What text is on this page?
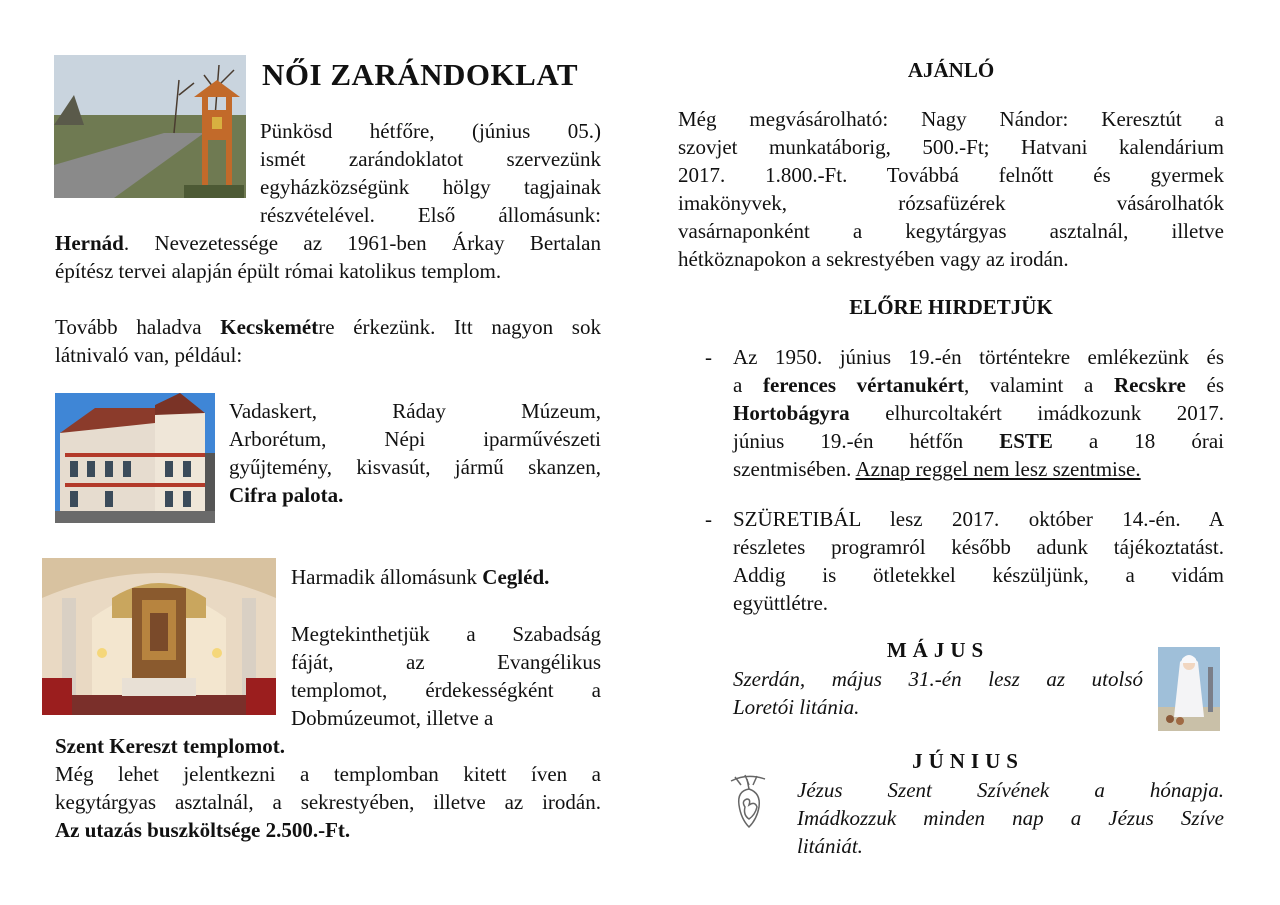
NŐI ZARÁNDOKLAT
Pünkösd hétfőre, (június 05.)
ismét zarándoklatot szervezünk
egyházközségünk hölgy tagjainak
részvételével. Első állomásunk:
Hernád. Nevezetessége az 1961-ben Árkay Bertalan
építész tervei alapján épült római katolikus templom.
Tovább haladva Kecskemétre érkezünk. Itt nagyon sok
látnivaló van, például:
Vadaskert, Ráday Múzeum,
Arborétum, Népi iparművészeti
gyűjtemény, kisvasút, jármű skanzen,
Cifra palota.
Harmadik állomásunk Cegléd.
Megtekinthetjük a Szabadság
fáját, az Evangélikus
templomot, érdekességként a
Dobmúzeumot, illetve a
Szent Kereszt templomot.
Még lehet jelentkezni a templomban kitett íven a
kegytárgyas asztalnál, a sekrestyében, illetve az irodán.
Az utazás buszköltsége 2.500.-Ft.
AJÁNLÓ
Még megvásárolható: Nagy Nándor: Keresztút a
szovjet munkatáborig, 500.-Ft; Hatvani kalendárium
2017. 1.800.-Ft. Továbbá felnőtt és gyermek
imakönyvek, rózsafüzérek vásárolhatók
vasárnaponként a kegytárgyas asztalnál, illetve
hétköznapokon a sekrestyében vagy az irodán.
ELŐRE HIRDETJÜK
- Az 1950. június 19.-én történtekre emlékezünk és
a ferences vértanukért, valamint a Recskre és
Hortobágyra elhurcoltakért imádkozunk 2017.
június 19.-én hétfőn ESTE a 18 órai
szentmisében. Aznap reggel nem lesz szentmise.
- SZÜRETIBÁL lesz 2017. október 14.-én. A
részletes programról később adunk tájékoztatást.
Addig is ötletekkel készüljünk, a vidám
együttlétre.
MÁJUS
Szerdán, május 31.-én lesz az utolsó
Loretói litánia.
JÚNIUS
Jézus Szent Szívének a hónapja.
Imádkozzuk minden nap a Jézus Szíve
litániát.
